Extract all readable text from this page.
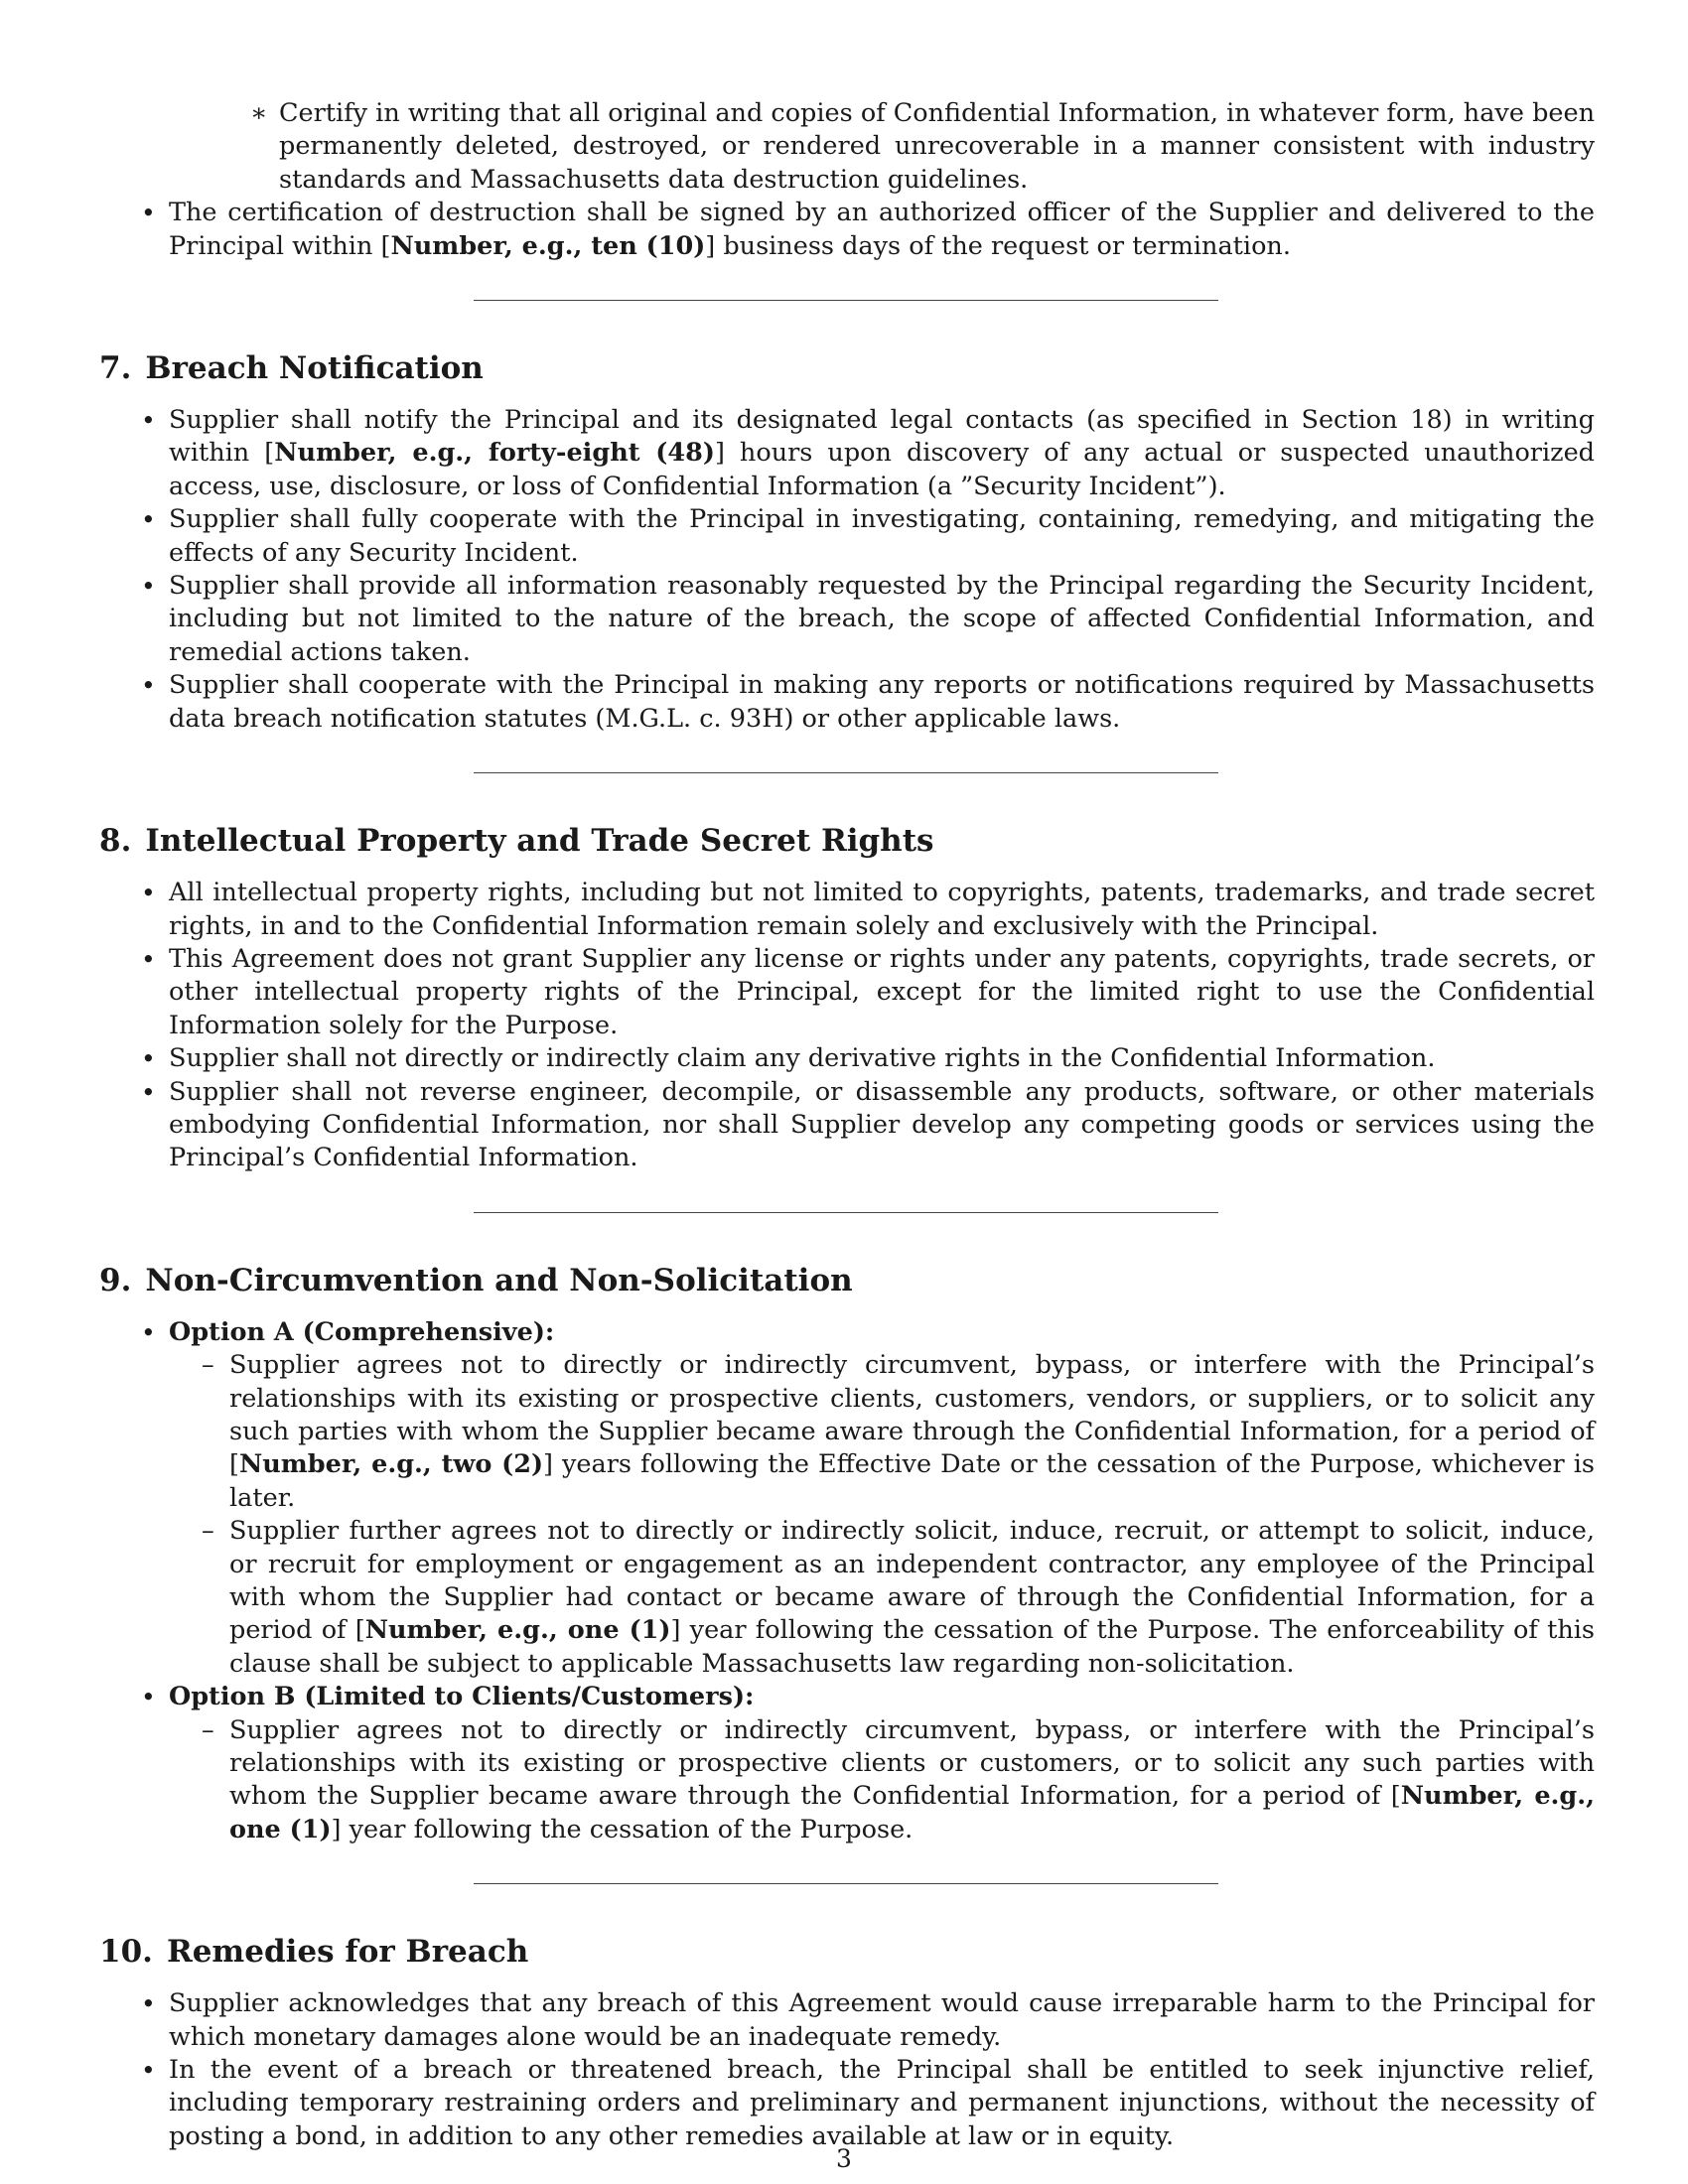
∗ Certify in writing that all original and copies of Confidential Information, in whatever form, have been permanently deleted, destroyed, or rendered unrecoverable in a manner consistent with industry standards and Massachusetts data destruction guidelines.
• The certification of destruction shall be signed by an authorized officer of the Supplier and delivered to the Principal within [Number, e.g., ten (10)] business days of the request or termination.
7. Breach Notification
• Supplier shall notify the Principal and its designated legal contacts (as specified in Section 18) in writing within [Number, e.g., forty-eight (48)] hours upon discovery of any actual or suspected unauthorized access, use, disclosure, or loss of Confidential Information (a ”Security Incident”).
• Supplier shall fully cooperate with the Principal in investigating, containing, remedying, and mitigating the effects of any Security Incident.
• Supplier shall provide all information reasonably requested by the Principal regarding the Security Incident, including but not limited to the nature of the breach, the scope of affected Confidential Information, and remedial actions taken.
• Supplier shall cooperate with the Principal in making any reports or notifications required by Massachusetts data breach notification statutes (M.G.L. c. 93H) or other applicable laws.
8. Intellectual Property and Trade Secret Rights
• All intellectual property rights, including but not limited to copyrights, patents, trademarks, and trade secret rights, in and to the Confidential Information remain solely and exclusively with the Principal.
• This Agreement does not grant Supplier any license or rights under any patents, copyrights, trade secrets, or other intellectual property rights of the Principal, except for the limited right to use the Confidential Information solely for the Purpose.
• Supplier shall not directly or indirectly claim any derivative rights in the Confidential Information.
• Supplier shall not reverse engineer, decompile, or disassemble any products, software, or other materials embodying Confidential Information, nor shall Supplier develop any competing goods or services using the Principal’s Confidential Information.
9. Non-Circumvention and Non-Solicitation
• Option A (Comprehensive):
– Supplier agrees not to directly or indirectly circumvent, bypass, or interfere with the Principal’s relationships with its existing or prospective clients, customers, vendors, or suppliers, or to solicit any such parties with whom the Supplier became aware through the Confidential Information, for a period of [Number, e.g., two (2)] years following the Effective Date or the cessation of the Purpose, whichever is later.
– Supplier further agrees not to directly or indirectly solicit, induce, recruit, or attempt to solicit, induce, or recruit for employment or engagement as an independent contractor, any employee of the Principal with whom the Supplier had contact or became aware of through the Confidential Information, for a period of [Number, e.g., one (1)] year following the cessation of the Purpose. The enforceability of this clause shall be subject to applicable Massachusetts law regarding non-solicitation.
• Option B (Limited to Clients/Customers):
– Supplier agrees not to directly or indirectly circumvent, bypass, or interfere with the Principal’s relationships with its existing or prospective clients or customers, or to solicit any such parties with whom the Supplier became aware through the Confidential Information, for a period of [Number, e.g., one (1)] year following the cessation of the Purpose.
10. Remedies for Breach
• Supplier acknowledges that any breach of this Agreement would cause irreparable harm to the Principal for which monetary damages alone would be an inadequate remedy.
• In the event of a breach or threatened breach, the Principal shall be entitled to seek injunctive relief, including temporary restraining orders and preliminary and permanent injunctions, without the necessity of posting a bond, in addition to any other remedies available at law or in equity.
3
